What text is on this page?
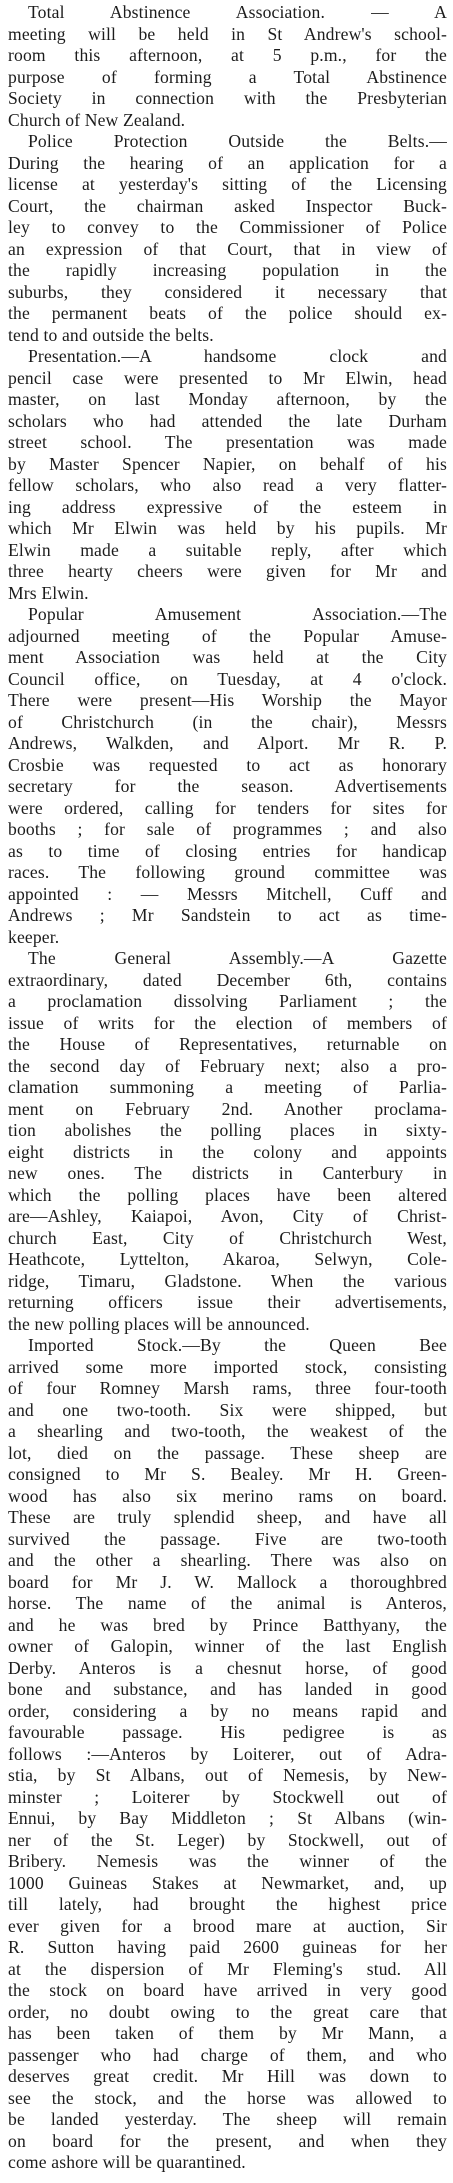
Total Abstinence Association. — A
meeting will be held in St Andrew's school-
room this afternoon, at 5 p.m., for the
purpose of forming a Total Abstinence
Society in connection with the Presbyterian
Church of New Zealand.
Police Protection Outside the Belts.—
During the hearing of an application for a
license at yesterday's sitting of the Licensing
Court, the chairman asked Inspector Buck-
ley to convey to the Commissioner of Police
an expression of that Court, that in view of
the rapidly increasing population in the
suburbs, they considered it necessary that
the permanent beats of the police should ex-
tend to and outside the belts.
Presentation.—A handsome clock and
pencil case were presented to Mr Elwin, head
master, on last Monday afternoon, by the
scholars who had attended the late Durham
street school. The presentation was made
by Master Spencer Napier, on behalf of his
fellow scholars, who also read a very flatter-
ing address expressive of the esteem in
which Mr Elwin was held by his pupils. Mr
Elwin made a suitable reply, after which
three hearty cheers were given for Mr and
Mrs Elwin.
Popular Amusement Association.—The
adjourned meeting of the Popular Amuse-
ment Association was held at the City
Council office, on Tuesday, at 4 o'clock.
There were present—His Worship the Mayor
of Christchurch (in the chair), Messrs
Andrews, Walkden, and Alport. Mr R. P.
Crosbie was requested to act as honorary
secretary for the season. Advertisements
were ordered, calling for tenders for sites for
booths ; for sale of programmes ; and also
as to time of closing entries for handicap
races. The following ground committee was
appointed : — Messrs Mitchell, Cuff and
Andrews ; Mr Sandstein to act as time-
keeper.
The General Assembly.—A Gazette
extraordinary, dated December 6th, contains
a proclamation dissolving Parliament ; the
issue of writs for the election of members of
the House of Representatives, returnable on
the second day of February next; also a pro-
clamation summoning a meeting of Parlia-
ment on February 2nd. Another proclama-
tion abolishes the polling places in sixty-
eight districts in the colony and appoints
new ones. The districts in Canterbury in
which the polling places have been altered
are—Ashley, Kaiapoi, Avon, City of Christ-
church East, City of Christchurch West,
Heathcote, Lyttelton, Akaroa, Selwyn, Cole-
ridge, Timaru, Gladstone. When the various
returning officers issue their advertisements,
the new polling places will be announced.
Imported Stock.—By the Queen Bee
arrived some more imported stock, consisting
of four Romney Marsh rams, three four-tooth
and one two-tooth. Six were shipped, but
a shearling and two-tooth, the weakest of the
lot, died on the passage. These sheep are
consigned to Mr S. Bealey. Mr H. Green-
wood has also six merino rams on board.
These are truly splendid sheep, and have all
survived the passage. Five are two-tooth
and the other a shearling. There was also on
board for Mr J. W. Mallock a thoroughbred
horse. The name of the animal is Anteros,
and he was bred by Prince Batthyany, the
owner of Galopin, winner of the last English
Derby. Anteros is a chesnut horse, of good
bone and substance, and has landed in good
order, considering a by no means rapid and
favourable passage. His pedigree is as
follows :—Anteros by Loiterer, out of Adra-
stia, by St Albans, out of Nemesis, by New-
minster ; Loiterer by Stockwell out of
Ennui, by Bay Middleton ; St Albans (win-
ner of the St. Leger) by Stockwell, out of
Bribery. Nemesis was the winner of the
1000 Guineas Stakes at Newmarket, and, up
till lately, had brought the highest price
ever given for a brood mare at auction, Sir
R. Sutton having paid 2600 guineas for her
at the dispersion of Mr Fleming's stud. All
the stock on board have arrived in very good
order, no doubt owing to the great care that
has been taken of them by Mr Mann, a
passenger who had charge of them, and who
deserves great credit. Mr Hill was down to
see the stock, and the horse was allowed to
be landed yesterday. The sheep will remain
on board for the present, and when they
come ashore will be quarantined.
